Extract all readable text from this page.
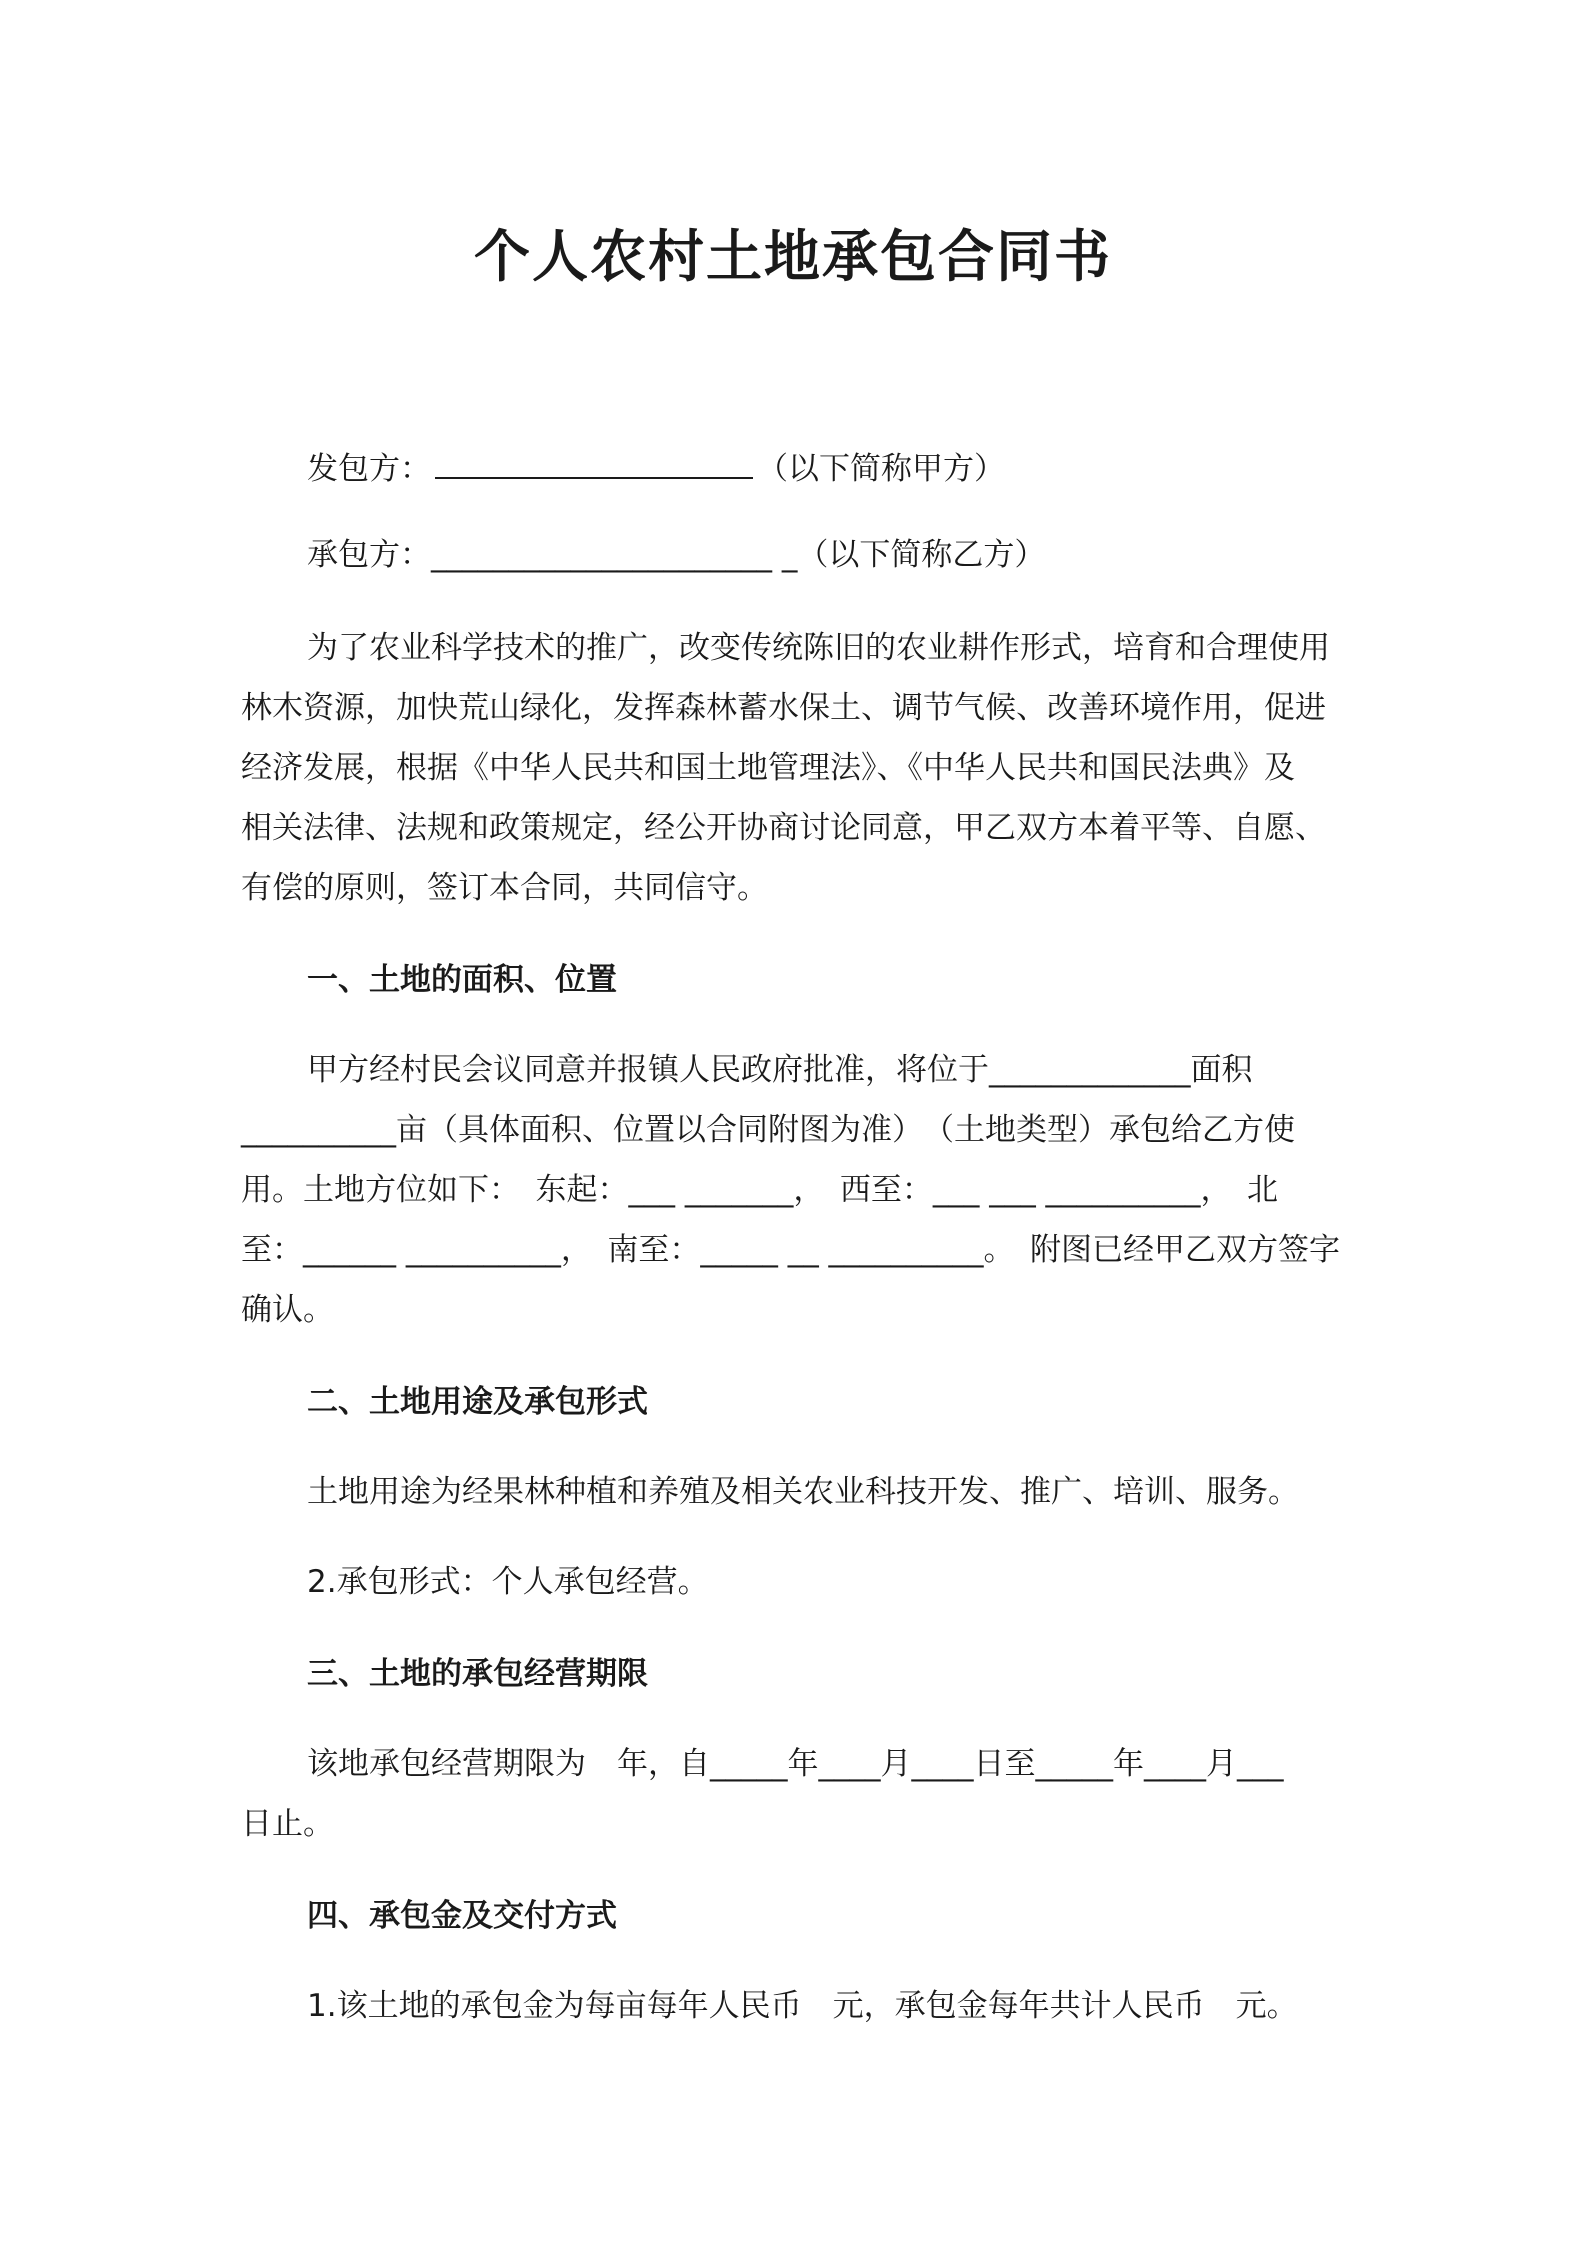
个人农村土地承包合同书
发包方：	（以下简称甲方）
承包方：______________________ _（以下简称乙方）
为了农业科学技术的推广，改变传统陈旧的农业耕作形式，培育和合理使用
林木资源，加快荒山绿化，发挥森林蓄水保土、调节气候、改善环境作用，促进
经济发展，根据《中华人民共和国土地管理法》、《中华人民共和国民法典》及
相关法律、法规和政策规定，经公开协商讨论同意，甲乙双方本着平等、自愿、
有偿的原则，签订本合同，共同信守。
一、土地的面积、位置
甲方经村民会议同意并报镇人民政府批准，将位于_____________面积
__________亩（具体面积、位置以合同附图为准）　（土地类型）承包给乙方使
用。土地方位如下：　东起：___ _______，　西至：___ ___ __________，　北
至：______ __________，　南至：_____ __ __________。　附图已经甲乙双方签字
确认。
二、土地用途及承包形式
土地用途为经果林种植和养殖及相关农业科技开发、推广、培训、服务。
2.承包形式：个人承包经营。
三、土地的承包经营期限
该地承包经营期限为　年，自_____年____月____日至_____年____月___
日止。
四、承包金及交付方式
1.该土地的承包金为每亩每年人民币　元，承包金每年共计人民币　元。
